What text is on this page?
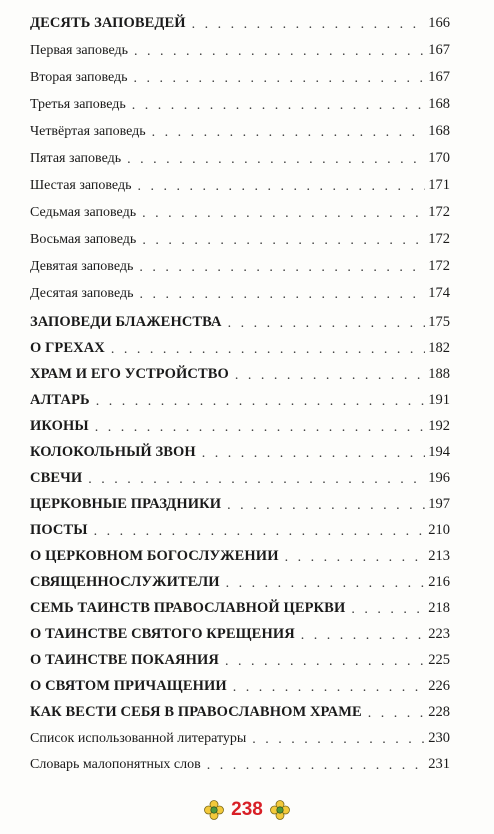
ДЕСЯТЬ ЗАПОВЕДЕЙ . . .	166
Первая заповедь . . .	167
Вторая заповедь . . .	167
Третья заповедь . . .	168
Четвёртая заповедь . . .	168
Пятая заповедь . . .	170
Шестая заповедь . . .	171
Седьмая заповедь . . .	172
Восьмая заповедь . . .	172
Девятая заповедь . . .	172
Десятая заповедь . . .	174
ЗАПОВЕДИ БЛАЖЕНСТВА . . .	175
О ГРЕХАХ . . .	182
ХРАМ И ЕГО УСТРОЙСТВО . . .	188
АЛТАРЬ . . .	191
ИКОНЫ . . .	192
КОЛОКОЛЬНЫЙ ЗВОН . . .	194
СВЕЧИ . . .	196
ЦЕРКОВНЫЕ ПРАЗДНИКИ . . .	197
ПОСТЫ . . .	210
О ЦЕРКОВНОМ БОГОСЛУЖЕНИИ . . .	213
СВЯЩЕННОСЛУЖИТЕЛИ . . .	216
СЕМЬ ТАИНСТВ ПРАВОСЛАВНОЙ ЦЕРКВИ . . .	218
О ТАИНСТВЕ СВЯТОГО КРЕЩЕНИЯ . . .	223
О ТАИНСТВЕ ПОКАЯНИЯ . . .	225
О СВЯТОМ ПРИЧАЩЕНИИ . . .	226
КАК ВЕСТИ СЕБЯ В ПРАВОСЛАВНОМ ХРАМЕ . . .	228
Список использованной литературы . . .	230
Словарь малопонятных слов . . .	231
238
